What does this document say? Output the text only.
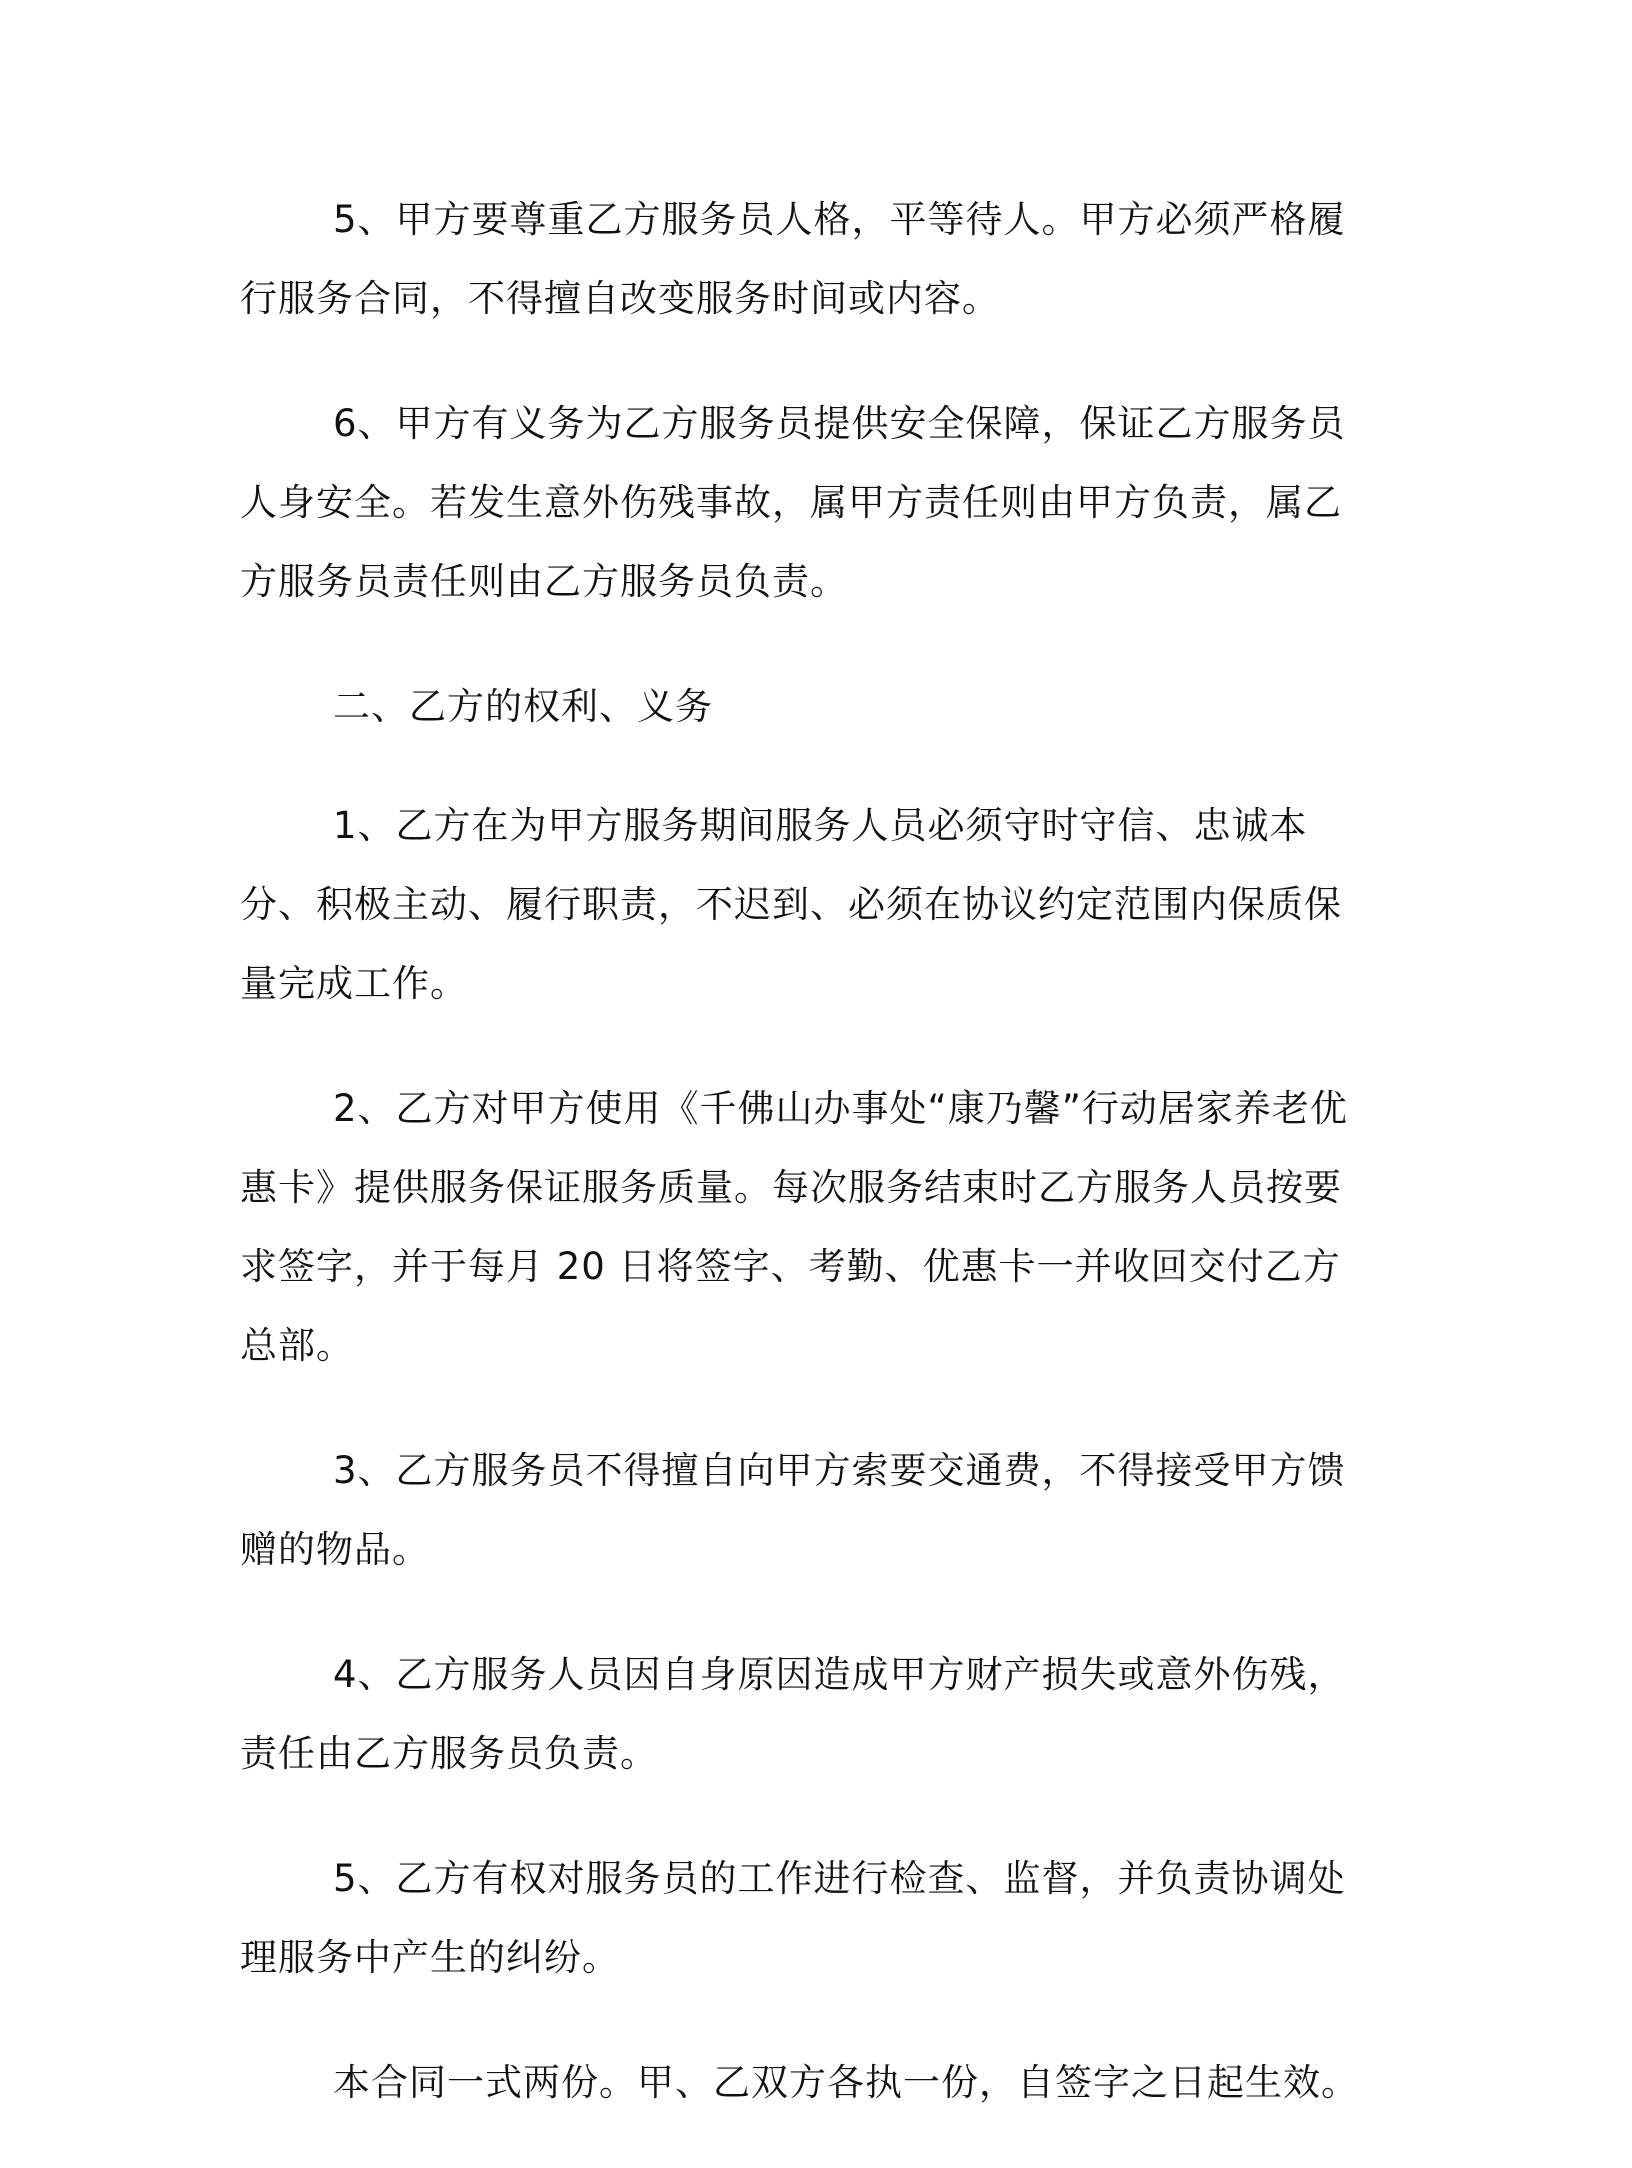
5、甲方要尊重乙方服务员人格，平等待人。甲方必须严格履行服务合同，不得擅自改变服务时间或内容。

6、甲方有义务为乙方服务员提供安全保障，保证乙方服务员人身安全。若发生意外伤残事故，属甲方责任则由甲方负责，属乙方服务员责任则由乙方服务员负责。

二、乙方的权利、义务

1、乙方在为甲方服务期间服务人员必须守时守信、忠诚本分、积极主动、履行职责，不迟到、必须在协议约定范围内保质保量完成工作。

2、乙方对甲方使用《千佛山办事处“康乃馨”行动居家养老优惠卡》提供服务保证服务质量。每次服务结束时乙方服务人员按要求签字，并于每月 20 日将签字、考勤、优惠卡一并收回交付乙方总部。

3、乙方服务员不得擅自向甲方索要交通费，不得接受甲方馈赠的物品。

4、乙方服务人员因自身原因造成甲方财产损失或意外伤残，责任由乙方服务员负责。

5、乙方有权对服务员的工作进行检查、监督，并负责协调处理服务中产生的纠纷。

本合同一式两份。甲、乙双方各执一份，自签字之日起生效。
